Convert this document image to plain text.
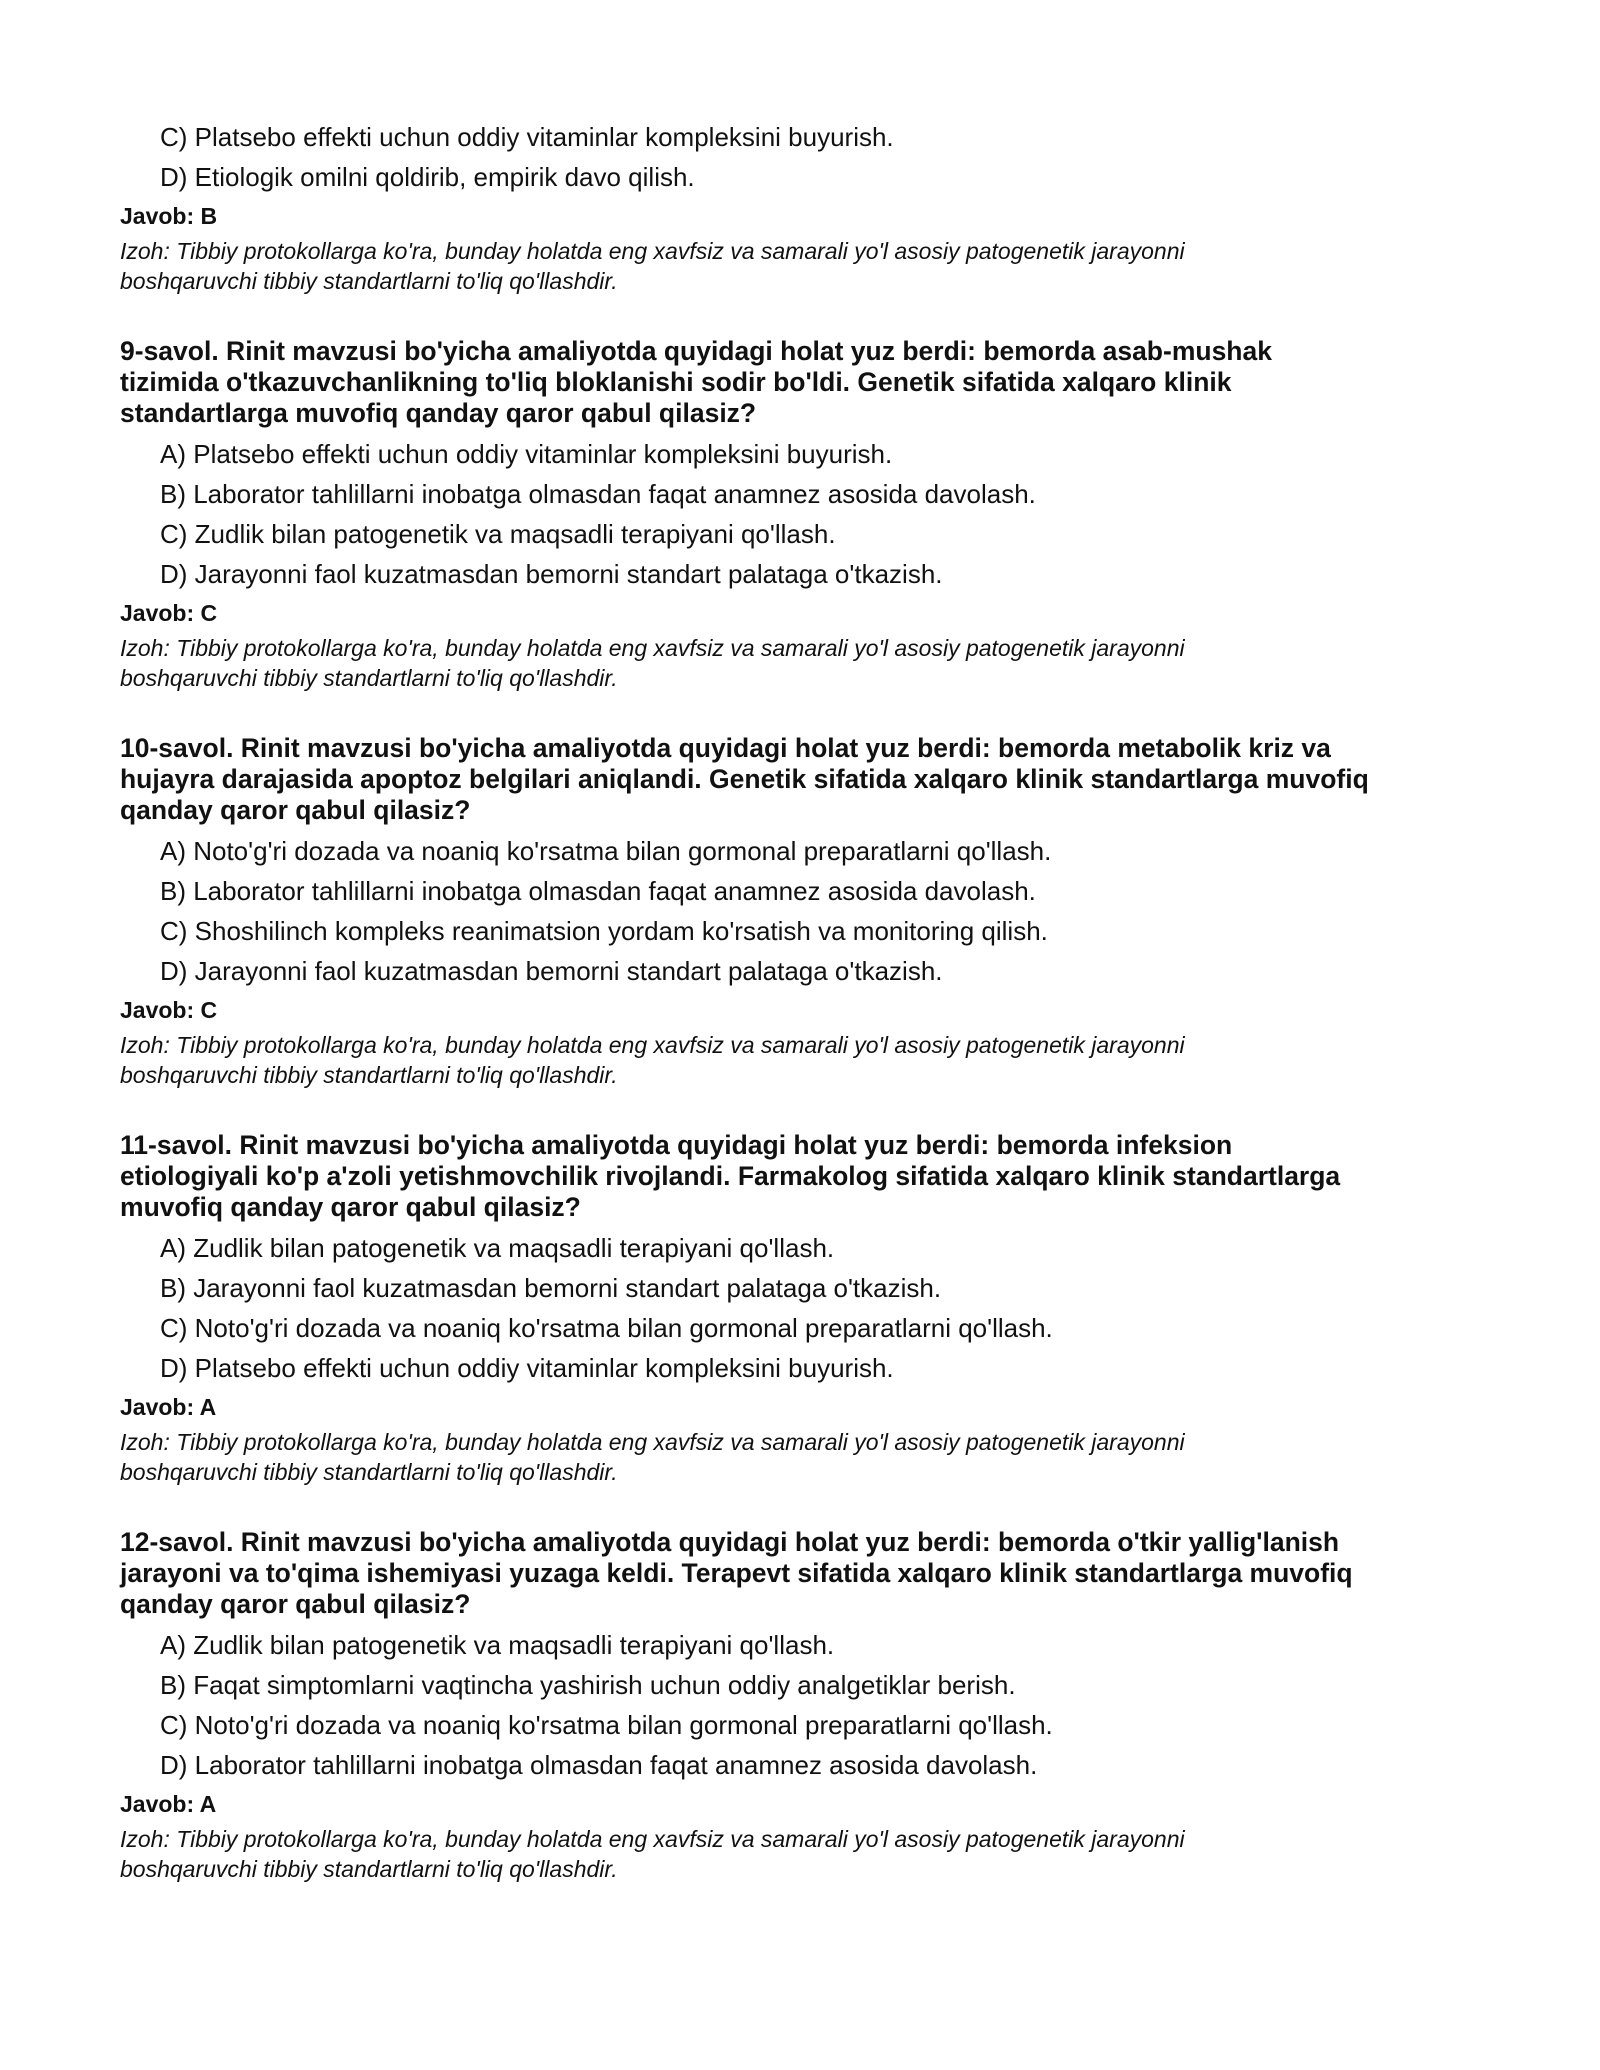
C) Platsebo effekti uchun oddiy vitaminlar kompleksini buyurish.
D) Etiologik omilni qoldirib, empirik davo qilish.
Javob: B
Izoh: Tibbiy protokollarga ko'ra, bunday holatda eng xavfsiz va samarali yo'l asosiy patogenetik jarayonni
boshqaruvchi tibbiy standartlarni to'liq qo'llashdir.
9-savol. Rinit mavzusi bo'yicha amaliyotda quyidagi holat yuz berdi: bemorda asab-mushak
tizimida o'tkazuvchanlikning to'liq bloklanishi sodir bo'ldi. Genetik sifatida xalqaro klinik
standartlarga muvofiq qanday qaror qabul qilasiz?
A) Platsebo effekti uchun oddiy vitaminlar kompleksini buyurish.
B) Laborator tahlillarni inobatga olmasdan faqat anamnez asosida davolash.
C) Zudlik bilan patogenetik va maqsadli terapiyani qo'llash.
D) Jarayonni faol kuzatmasdan bemorni standart palataga o'tkazish.
Javob: C
Izoh: Tibbiy protokollarga ko'ra, bunday holatda eng xavfsiz va samarali yo'l asosiy patogenetik jarayonni
boshqaruvchi tibbiy standartlarni to'liq qo'llashdir.
10-savol. Rinit mavzusi bo'yicha amaliyotda quyidagi holat yuz berdi: bemorda metabolik kriz va
hujayra darajasida apoptoz belgilari aniqlandi. Genetik sifatida xalqaro klinik standartlarga muvofiq
qanday qaror qabul qilasiz?
A) Noto'g'ri dozada va noaniq ko'rsatma bilan gormonal preparatlarni qo'llash.
B) Laborator tahlillarni inobatga olmasdan faqat anamnez asosida davolash.
C) Shoshilinch kompleks reanimatsion yordam ko'rsatish va monitoring qilish.
D) Jarayonni faol kuzatmasdan bemorni standart palataga o'tkazish.
Javob: C
Izoh: Tibbiy protokollarga ko'ra, bunday holatda eng xavfsiz va samarali yo'l asosiy patogenetik jarayonni
boshqaruvchi tibbiy standartlarni to'liq qo'llashdir.
11-savol. Rinit mavzusi bo'yicha amaliyotda quyidagi holat yuz berdi: bemorda infeksion
etiologiyali ko'p a'zoli yetishmovchilik rivojlandi. Farmakolog sifatida xalqaro klinik standartlarga
muvofiq qanday qaror qabul qilasiz?
A) Zudlik bilan patogenetik va maqsadli terapiyani qo'llash.
B) Jarayonni faol kuzatmasdan bemorni standart palataga o'tkazish.
C) Noto'g'ri dozada va noaniq ko'rsatma bilan gormonal preparatlarni qo'llash.
D) Platsebo effekti uchun oddiy vitaminlar kompleksini buyurish.
Javob: A
Izoh: Tibbiy protokollarga ko'ra, bunday holatda eng xavfsiz va samarali yo'l asosiy patogenetik jarayonni
boshqaruvchi tibbiy standartlarni to'liq qo'llashdir.
12-savol. Rinit mavzusi bo'yicha amaliyotda quyidagi holat yuz berdi: bemorda o'tkir yallig'lanish
jarayoni va to'qima ishemiyasi yuzaga keldi. Terapevt sifatida xalqaro klinik standartlarga muvofiq
qanday qaror qabul qilasiz?
A) Zudlik bilan patogenetik va maqsadli terapiyani qo'llash.
B) Faqat simptomlarni vaqtincha yashirish uchun oddiy analgetiklar berish.
C) Noto'g'ri dozada va noaniq ko'rsatma bilan gormonal preparatlarni qo'llash.
D) Laborator tahlillarni inobatga olmasdan faqat anamnez asosida davolash.
Javob: A
Izoh: Tibbiy protokollarga ko'ra, bunday holatda eng xavfsiz va samarali yo'l asosiy patogenetik jarayonni
boshqaruvchi tibbiy standartlarni to'liq qo'llashdir.
